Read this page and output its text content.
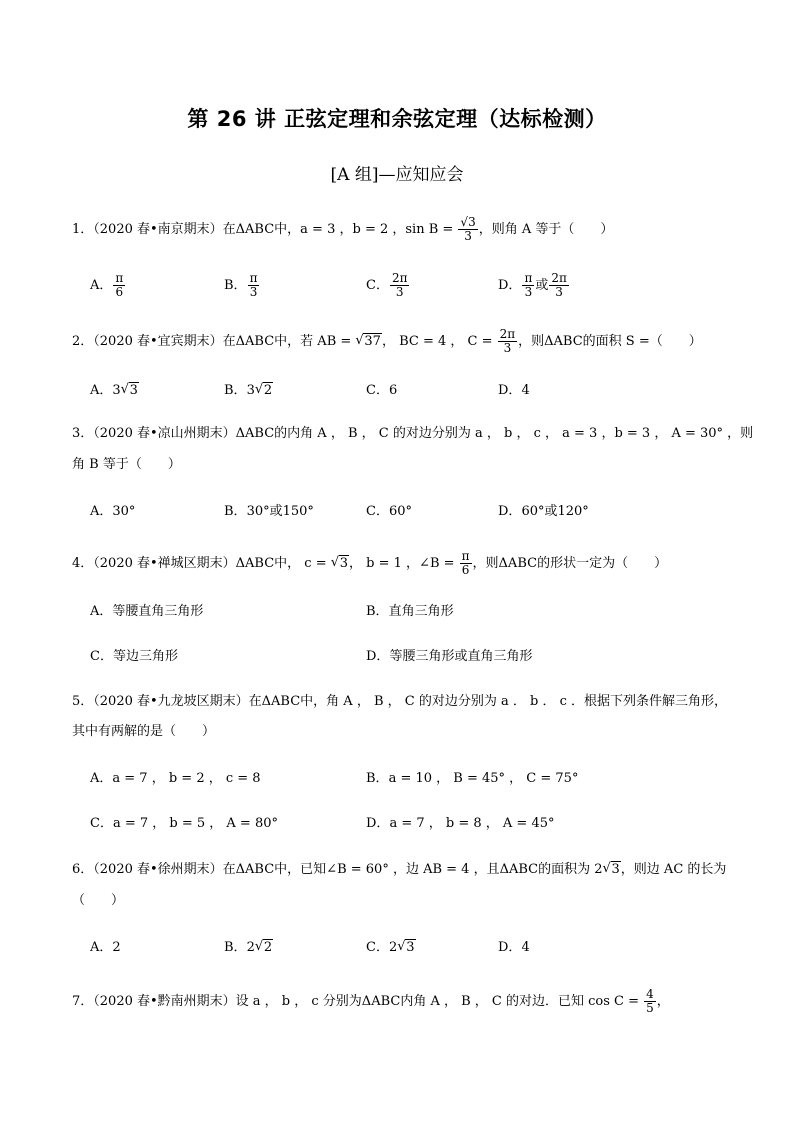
第 26 讲 正弦定理和余弦定理（达标检测）
[A 组]—应知应会
1．（2020 春•南京期末）在ΔABC中，a = 3 ，b = 2 ，$\sin B = \frac{√3}{3}$ ，则角 A 等于（　　）
A． $\frac{\pi}{6}$	B． $\frac{\pi}{3}$	C． $\frac{2\pi}{3}$	D． $\frac{\pi}{3}$ 或 $\frac{2\pi}{3}$
2．（2020 春•宜宾期末）在ΔABC中，若 AB = √ 37， BC = 4 ， $C = \frac{2\pi}{3}$ ，则ΔABC的面积 S =（　　）
A．3 √ 3	B．3 √ 2	C．6	D．4
3．（2020 春•凉山州期末）ΔABC的内角 A ， B ， C 的对边分别为 a ， b ， c ， a = 3 ，b = 3 ， A = 30° ，则
角 B 等于（　　）
A．30°	B．30°或150°	C．60°	D．60°或120°
4．（2020 春•禅城区期末）ΔABC中， c = √ 3， b = 1 ，∠B = $\frac{\pi}{6}$ ，则ΔABC的形状一定为（　　）
A．等腰直角三角形	B．直角三角形
C．等边三角形	D．等腰三角形或直角三角形
5．（2020 春•九龙坡区期末）在ΔABC中，角 A ， B ， C 的对边分别为 a ． b ． c ．根据下列条件解三角形，
其中有两解的是（　　）
A．a = 7 ， b = 2 ， c = 8	B．a = 10 ， B = 45° ， C = 75°
C．a = 7 ， b = 5 ， A = 80°	D．a = 7 ， b = 8 ， A = 45°
6．（2020 春•徐州期末）在ΔABC中，已知∠B = 60° ，边 AB = 4 ，且ΔABC的面积为 2 √ 3，则边 AC 的长为
（　　）
A．2	B．2 √ 2	C．2 √ 3	D．4
7．（2020 春•黔南州期末）设 a ， b ， c 分别为ΔABC内角 A ， B ， C 的对边．已知 $\cos C = \frac{4}{5}$ ，
